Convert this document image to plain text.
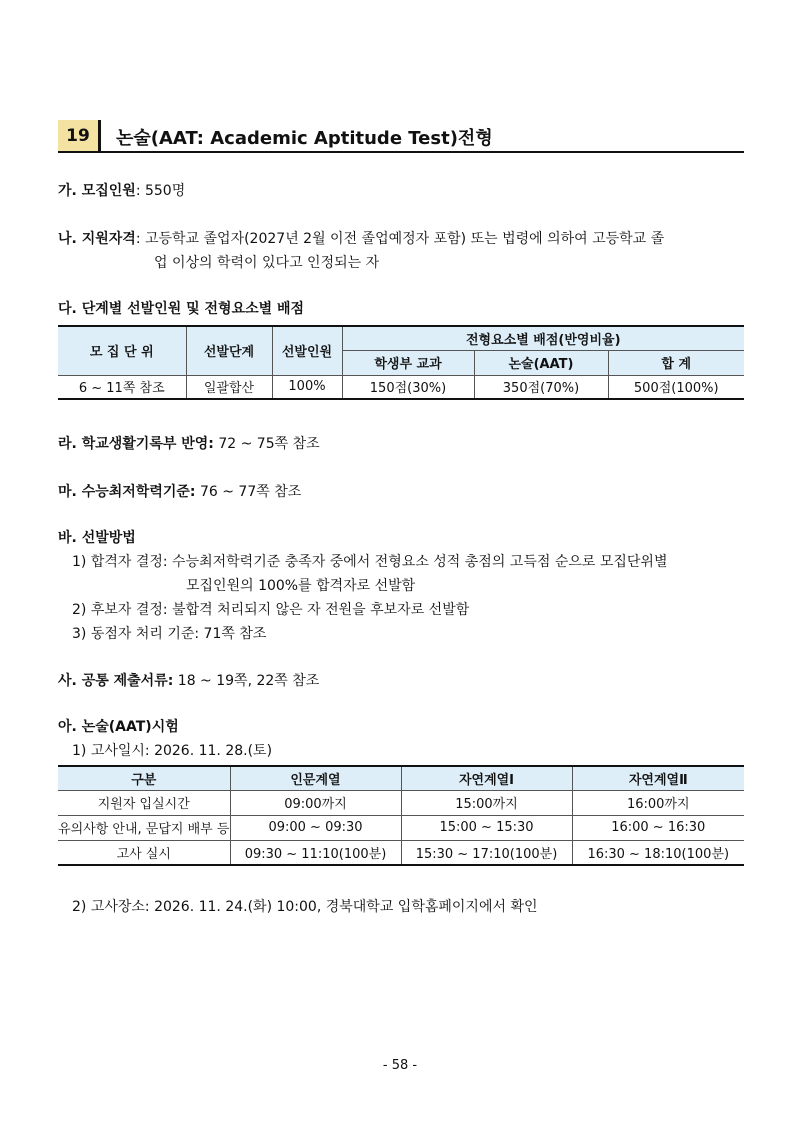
19	논술(AAT: Academic Aptitude Test)전형
가. 모집인원: 550명
나. 지원자격: 고등학교 졸업자(2027년 2월 이전 졸업예정자 포함) 또는 법령에 의하여 고등학교 졸
업 이상의 학력이 있다고 인정되는 자
다. 단계별 선발인원 및 전형요소별 배점
모 집 단 위	선발단계	선발인원	전형요소별 배점(반영비율)		
			학생부 교과	논술(AAT)	합 계
6 ~ 11쪽 참조	일괄합산	100%	150점(30%)	350점(70%)	500점(100%)
라. 학교생활기록부 반영: 72 ~ 75쪽 참조
마. 수능최저학력기준: 76 ~ 77쪽 참조
바. 선발방법
1) 합격자 결정: 수능최저학력기준 충족자 중에서 전형요소 성적 총점의 고득점 순으로 모집단위별
모집인원의 100%를 합격자로 선발함
2) 후보자 결정: 불합격 처리되지 않은 자 전원을 후보자로 선발함
3) 동점자 처리 기준: 71쪽 참조
사. 공통 제출서류: 18 ~ 19쪽, 22쪽 참조
아. 논술(AAT)시험
1) 고사일시: 2026. 11. 28.(토)
구분	인문계열	자연계열Ⅰ	자연계열Ⅱ
지원자 입실시간	09:00까지	15:00까지	16:00까지
유의사항 안내, 문답지 배부 등	09:00 ~ 09:30	15:00 ~ 15:30	16:00 ~ 16:30
고사 실시	09:30 ~ 11:10(100분)	15:30 ~ 17:10(100분)	16:30 ~ 18:10(100분)
2) 고사장소: 2026. 11. 24.(화) 10:00, 경북대학교 입학홈페이지에서 확인
- 58 -
